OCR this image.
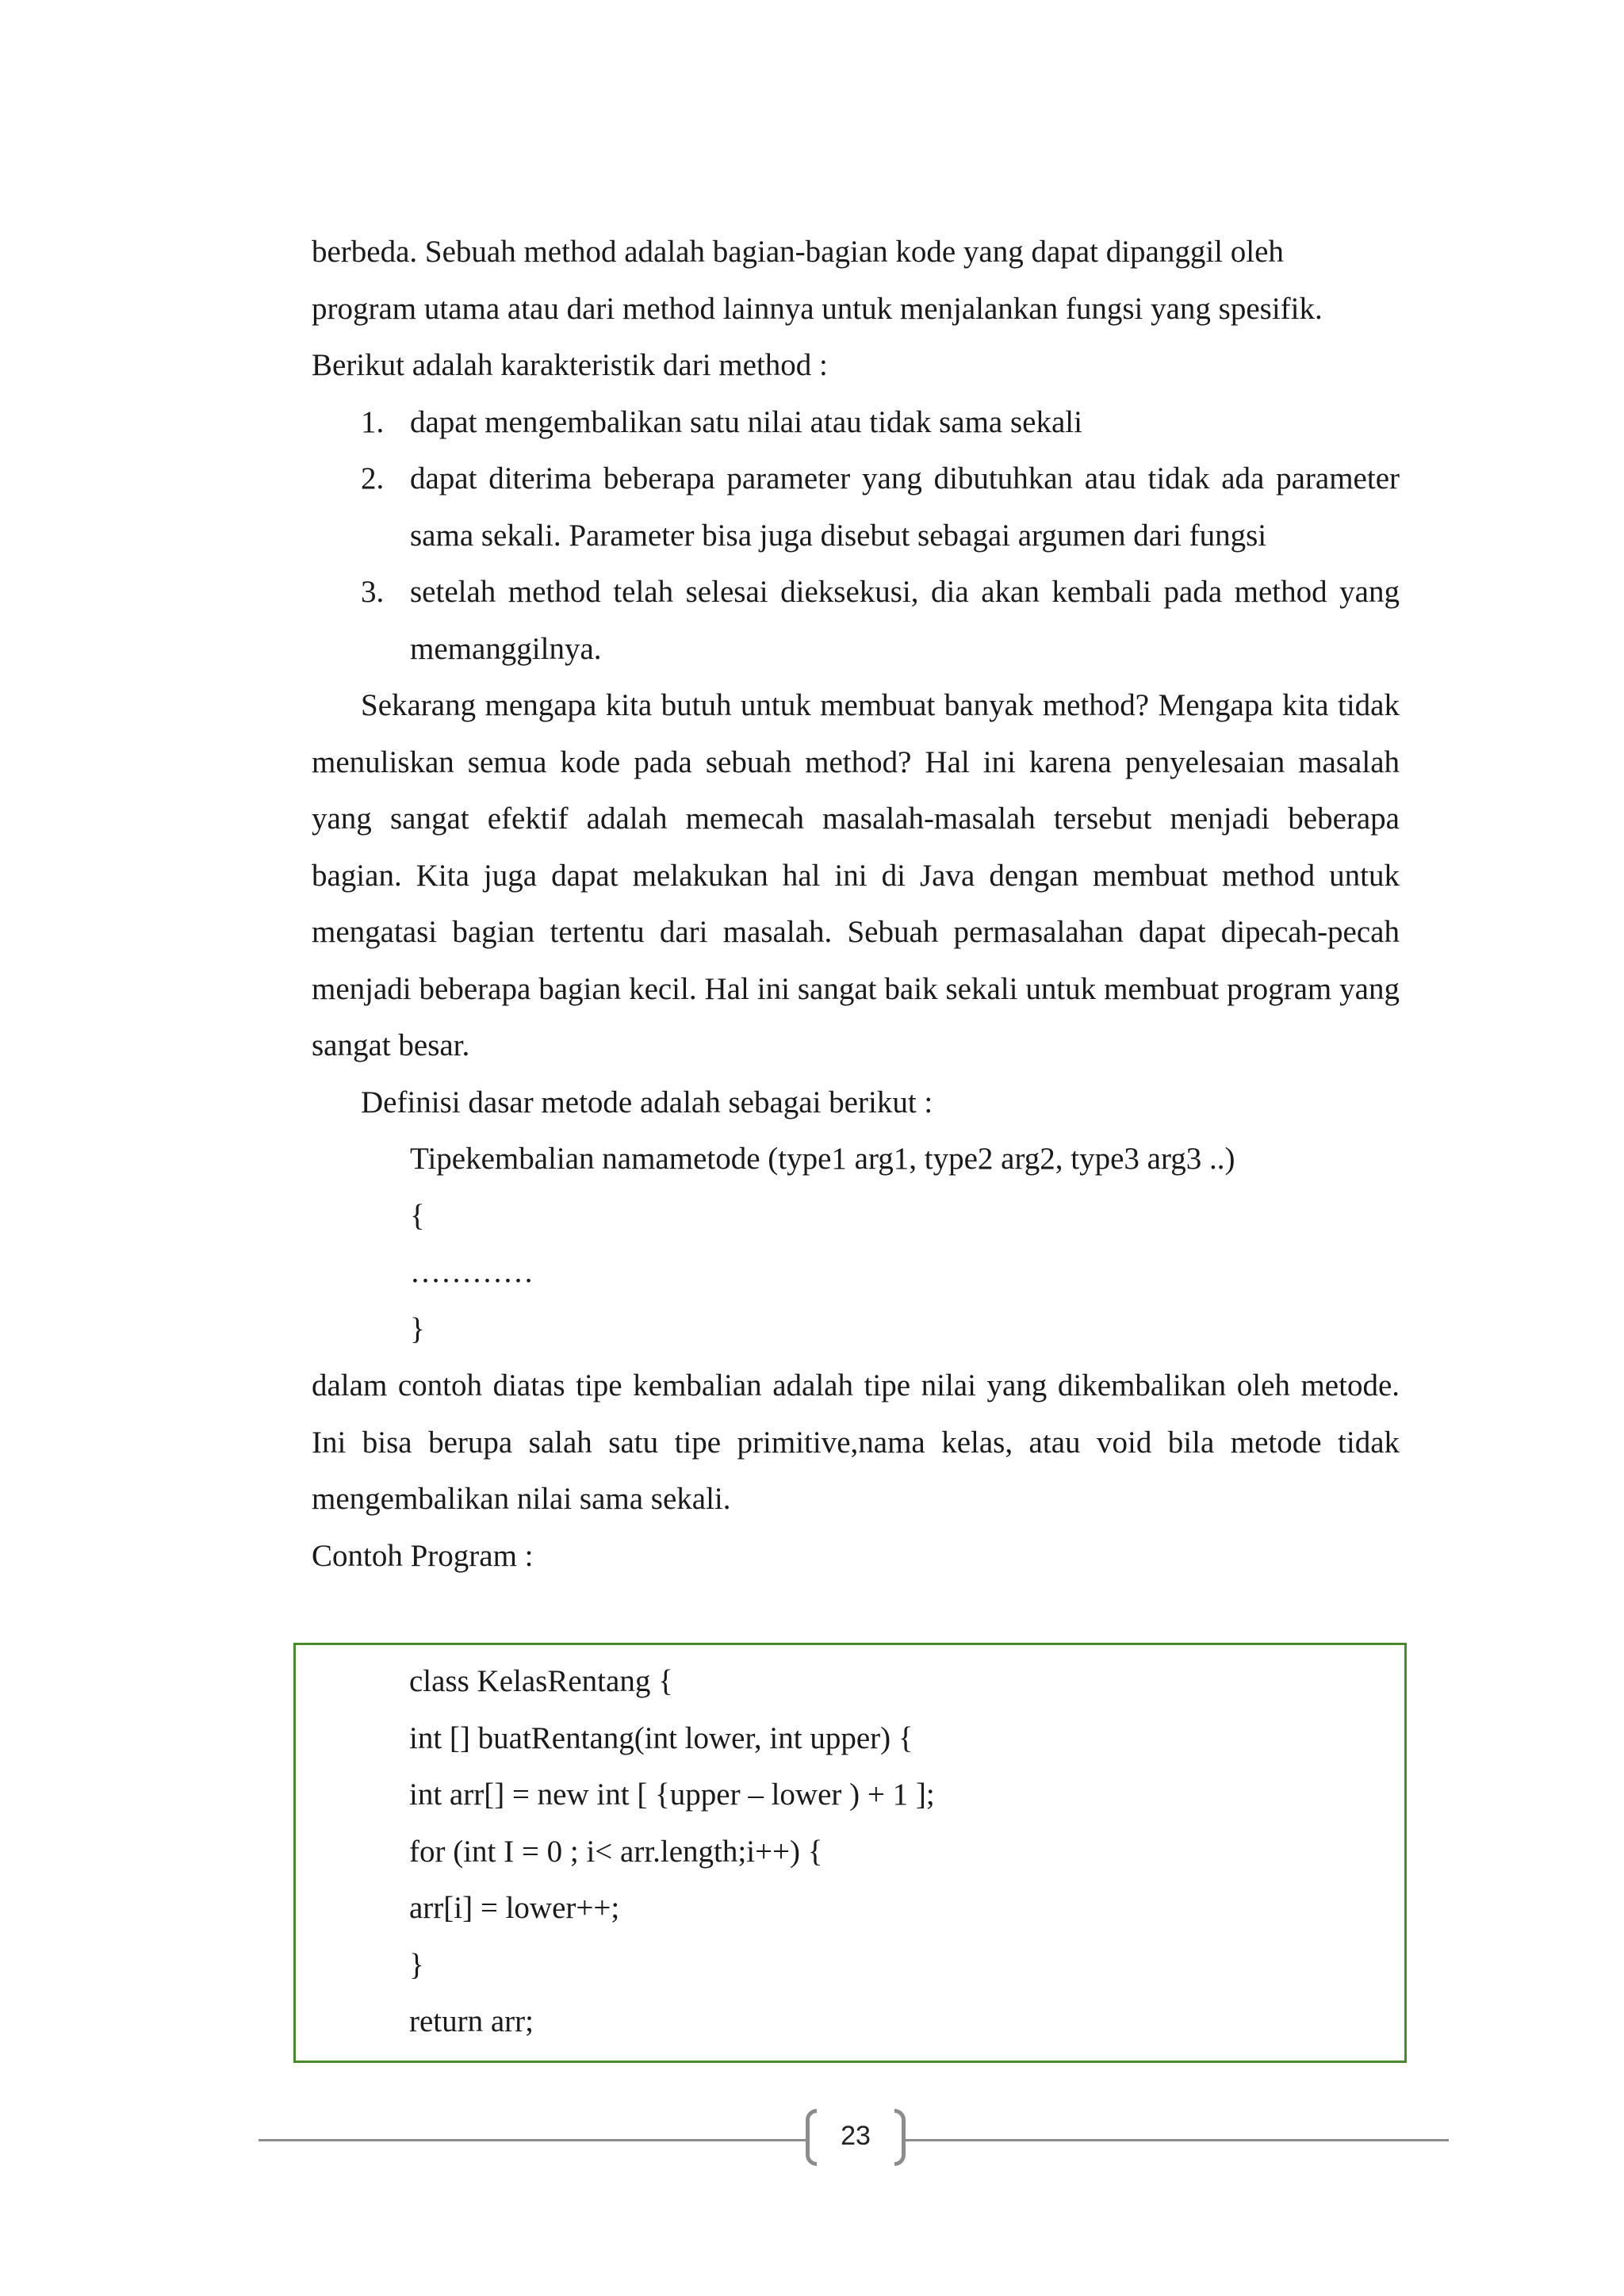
berbeda. Sebuah method adalah bagian-bagian kode yang dapat dipanggil oleh
program utama atau dari method lainnya untuk menjalankan fungsi yang spesifik.
Berikut adalah karakteristik dari method :

1. dapat mengembalikan satu nilai atau tidak sama sekali
2. dapat diterima beberapa parameter yang dibutuhkan atau tidak ada parameter sama sekali. Parameter bisa juga disebut sebagai argumen dari fungsi
3. setelah method telah selesai dieksekusi, dia akan kembali pada method yang memanggilnya.

Sekarang mengapa kita butuh untuk membuat banyak method? Mengapa kita tidak menuliskan semua kode pada sebuah method? Hal ini karena penyelesaian masalah yang sangat efektif adalah memecah masalah-masalah tersebut menjadi beberapa bagian. Kita juga dapat melakukan hal ini di Java dengan membuat method untuk mengatasi bagian tertentu dari masalah. Sebuah permasalahan dapat dipecah-pecah menjadi beberapa bagian kecil. Hal ini sangat baik sekali untuk membuat program yang sangat besar.

Definisi dasar metode adalah sebagai berikut :
Tipekembalian namametode (type1 arg1, type2 arg2, type3 arg3 ..)
{
…………
}

dalam contoh diatas tipe kembalian adalah tipe nilai yang dikembalikan oleh metode. Ini bisa berupa salah satu tipe primitive,nama kelas, atau void bila metode tidak mengembalikan nilai sama sekali.

Contoh Program :
class KelasRentang {
int [] buatRentang(int lower, int upper) {
int arr[] = new int [ {upper – lower ) + 1 ];
for (int I = 0 ; i< arr.length;i++) {
arr[i] = lower++;
}
return arr;
23
